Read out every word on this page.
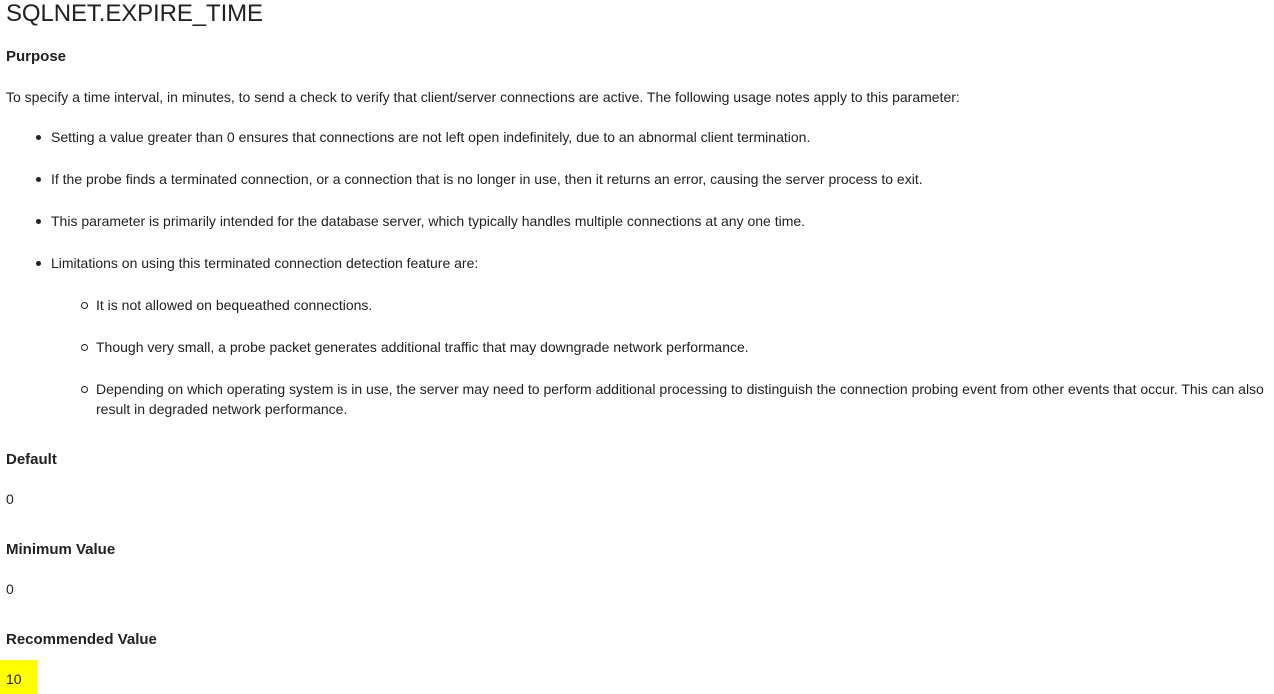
SQLNET.EXPIRE_TIME
Purpose

To specify a time interval, in minutes, to send a check to verify that client/server connections are active. The following usage notes apply to this parameter:

Setting a value greater than 0 ensures that connections are not left open indefinitely, due to an abnormal client termination.
If the probe finds a terminated connection, or a connection that is no longer in use, then it returns an error, causing the server process to exit.
This parameter is primarily intended for the database server, which typically handles multiple connections at any one time.
Limitations on using this terminated connection detection feature are:
It is not allowed on bequeathed connections.
Though very small, a probe packet generates additional traffic that may downgrade network performance.
Depending on which operating system is in use, the server may need to perform additional processing to distinguish the connection probing event from other events that occur. This can also result in degraded network performance.
Default

0

Minimum Value

0

Recommended Value
10
